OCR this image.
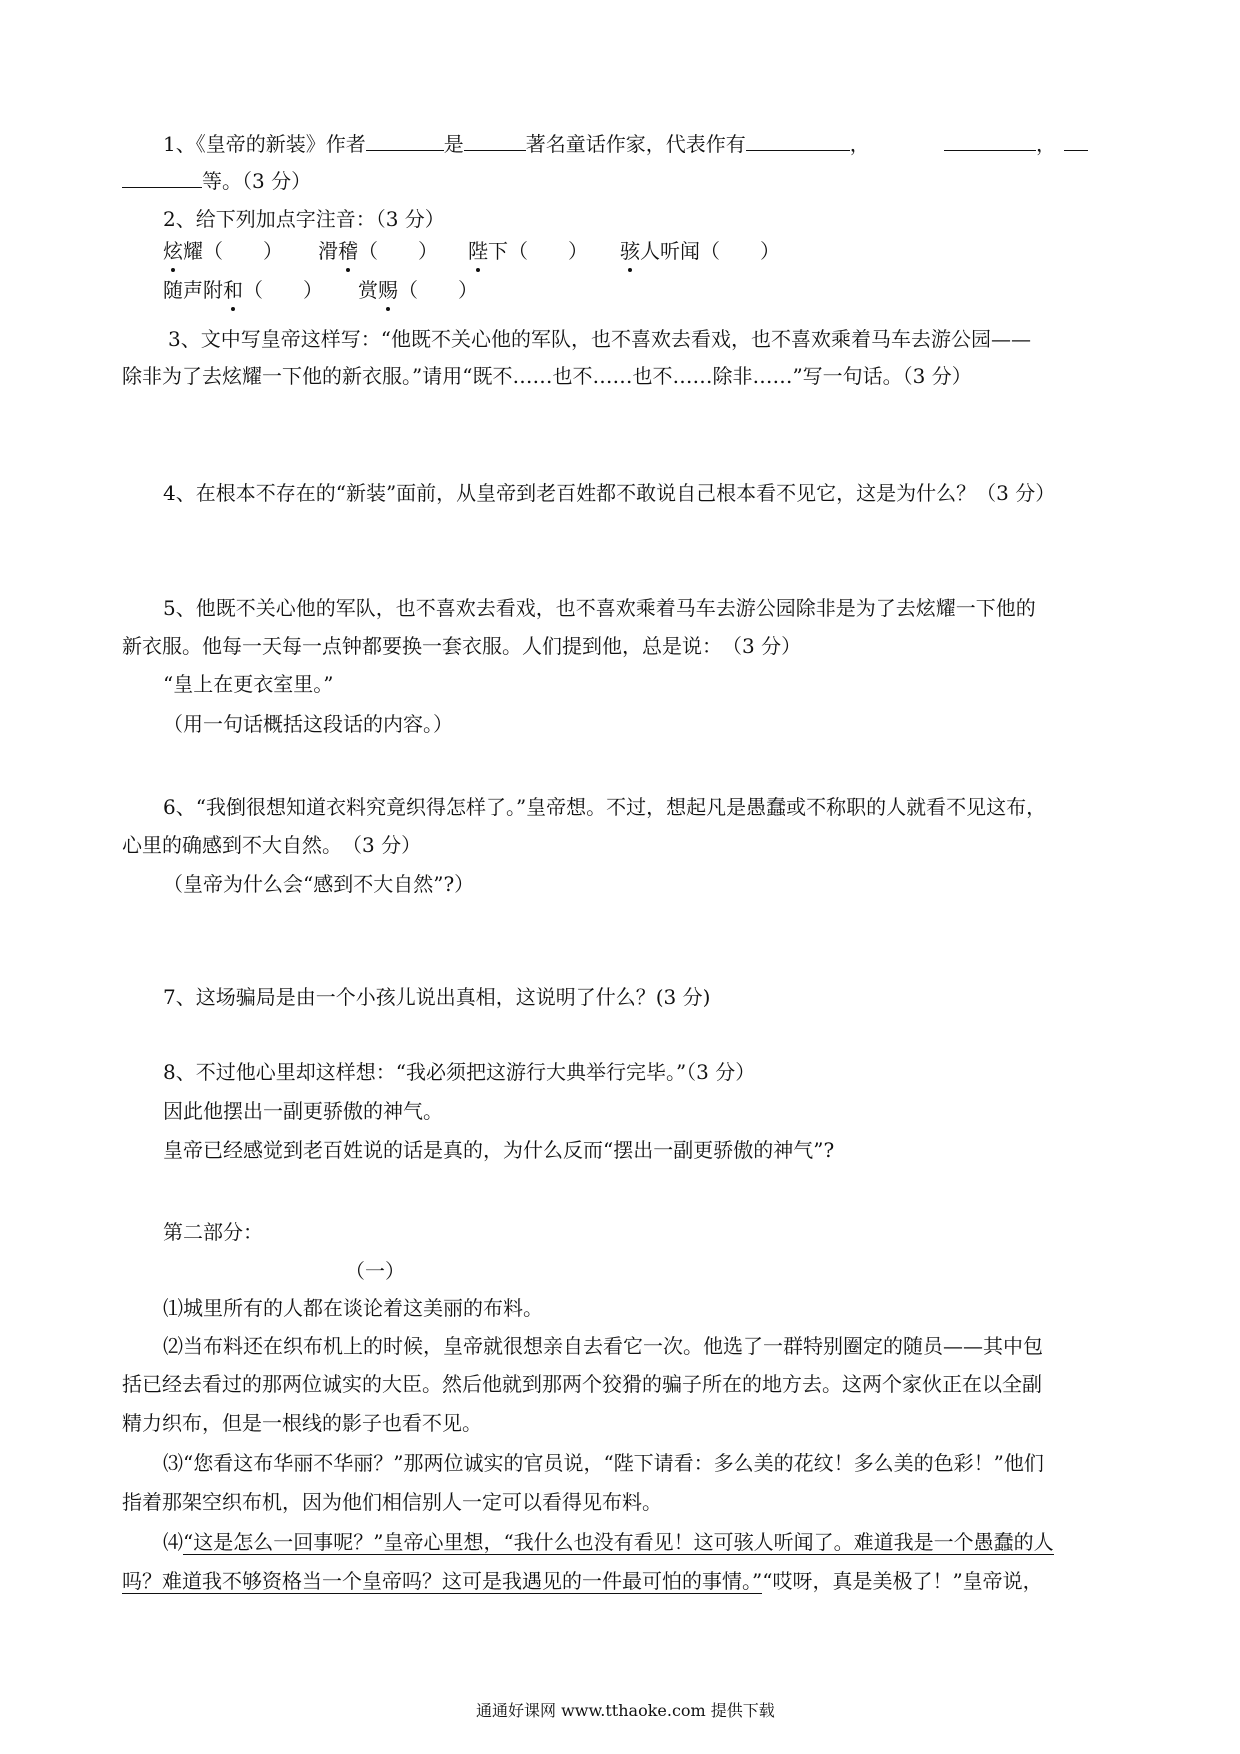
1、《皇帝的新装》作者	是	著名童话作家，代表作有	，	，
等。（3 分）
2、给下列加点字注音：（3 分）
炫耀（　　） 滑稽（　　） 陛下（　　） 骇人听闻（　　）
随声附和（　　） 赏赐（　　）
3、文中写皇帝这样写：“他既不关心他的军队，也不喜欢去看戏，也不喜欢乘着马车去游公园——
除非为了去炫耀一下他的新衣服。”请用“既不……也不……也不……除非……”写一句话。（3 分）
4、在根本不存在的“新装”面前，从皇帝到老百姓都不敢说自己根本看不见它，这是为什么？（3 分）
5、他既不关心他的军队，也不喜欢去看戏，也不喜欢乘着马车去游公园除非是为了去炫耀一下他的
新衣服。他每一天每一点钟都要换一套衣服。人们提到他，总是说：　（3 分）
“皇上在更衣室里。”
（用一句话概括这段话的内容。）
6、“我倒很想知道衣料究竟织得怎样了。”皇帝想。不过，想起凡是愚蠢或不称职的人就看不见这布，
心里的确感到不大自然。　（3 分）
（皇帝为什么会“感到不大自然”?）
7、这场骗局是由一个小孩儿说出真相，这说明了什么？(3 分)
8、不过他心里却这样想：“我必须把这游行大典举行完毕。”（3 分）
因此他摆出一副更骄傲的神气。
皇帝已经感觉到老百姓说的话是真的，为什么反而“摆出一副更骄傲的神气”?
第二部分：
（一）
⑴城里所有的人都在谈论着这美丽的布料。
⑵当布料还在织布机上的时候，皇帝就很想亲自去看它一次。他选了一群特别圈定的随员——其中包
括已经去看过的那两位诚实的大臣。然后他就到那两个狡猾的骗子所在的地方去。这两个家伙正在以全副
精力织布，但是一根线的影子也看不见。
⑶“您看这布华丽不华丽？”那两位诚实的官员说，“陛下请看：多么美的花纹！多么美的色彩！”他们
指着那架空织布机，因为他们相信别人一定可以看得见布料。
⑷“这是怎么一回事呢？”皇帝心里想，“我什么也没有看见！这可骇人听闻了。难道我是一个愚蠢的人
吗？难道我不够资格当一个皇帝吗？这可是我遇见的一件最可怕的事情。”“哎呀，真是美极了！”皇帝说，
通通好课网 www.tthaoke.com 提供下载
